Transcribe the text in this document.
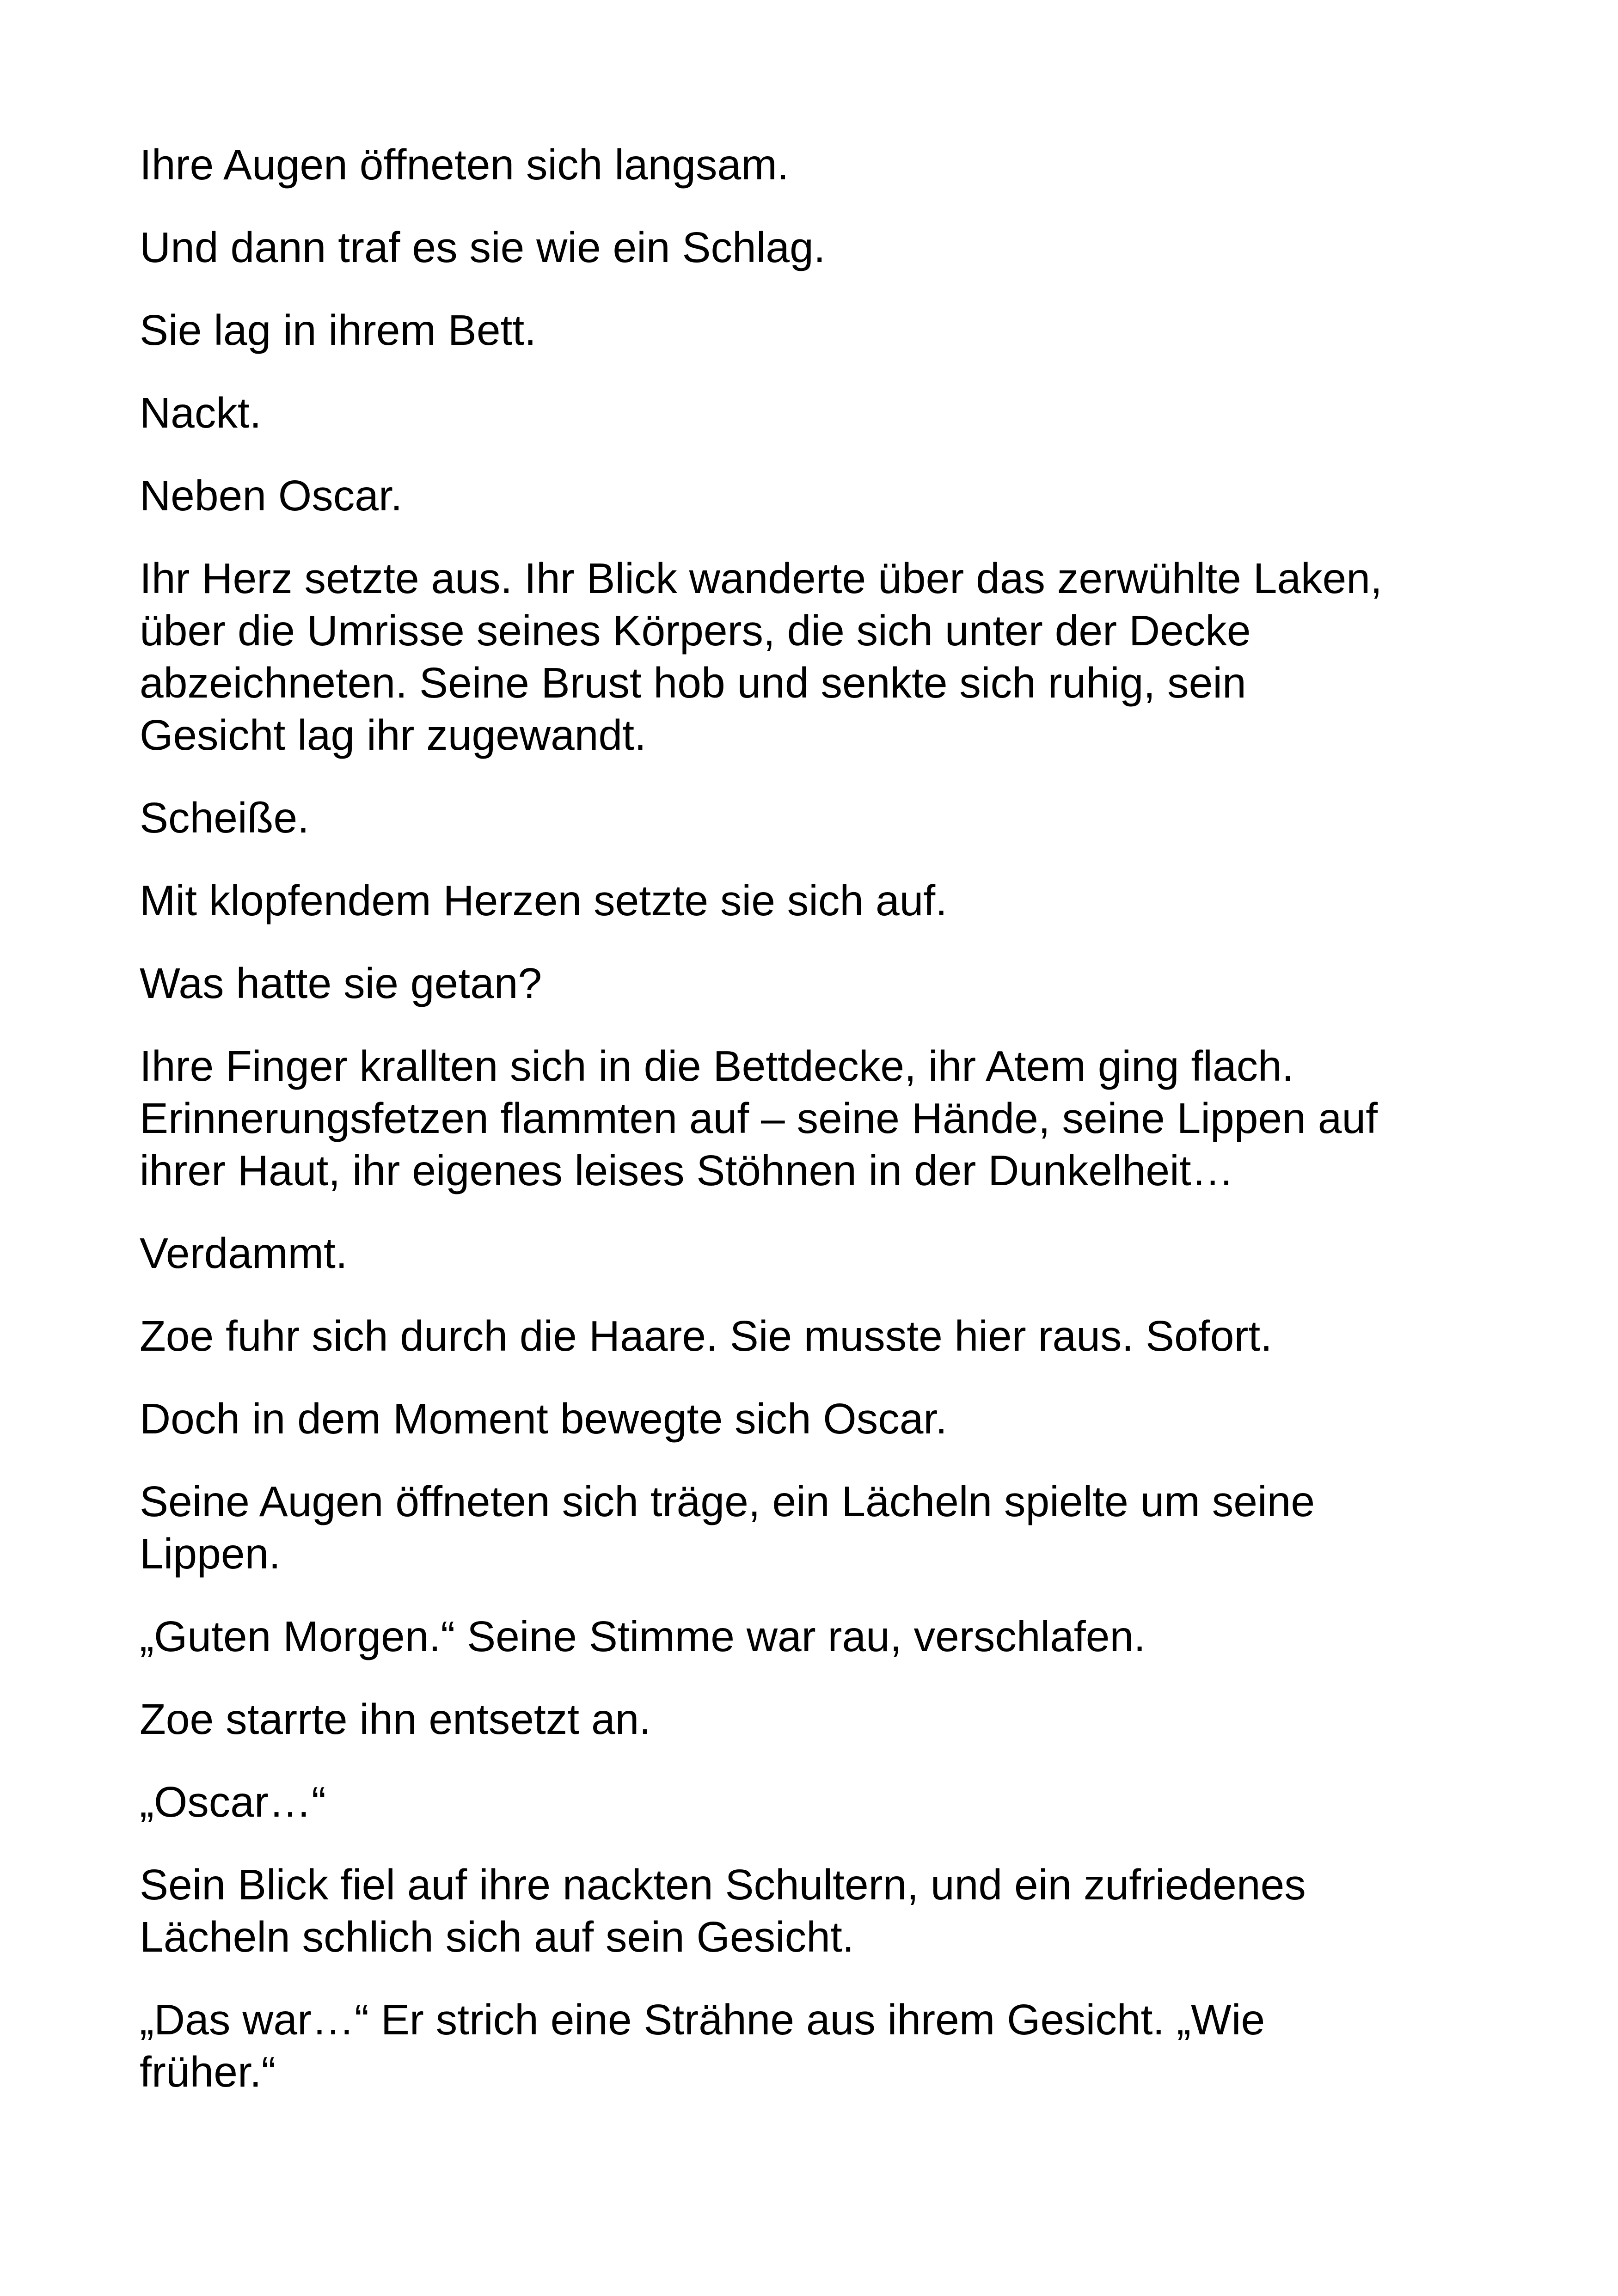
Ihre Augen öffneten sich langsam.

Und dann traf es sie wie ein Schlag.

Sie lag in ihrem Bett.

Nackt.

Neben Oscar.

Ihr Herz setzte aus. Ihr Blick wanderte über das zerwühlte Laken,
über die Umrisse seines Körpers, die sich unter der Decke
abzeichneten. Seine Brust hob und senkte sich ruhig, sein
Gesicht lag ihr zugewandt.

Scheiße.

Mit klopfendem Herzen setzte sie sich auf.

Was hatte sie getan?

Ihre Finger krallten sich in die Bettdecke, ihr Atem ging flach.
Erinnerungsfetzen flammten auf – seine Hände, seine Lippen auf
ihrer Haut, ihr eigenes leises Stöhnen in der Dunkelheit…

Verdammt.

Zoe fuhr sich durch die Haare. Sie musste hier raus. Sofort.

Doch in dem Moment bewegte sich Oscar.

Seine Augen öffneten sich träge, ein Lächeln spielte um seine
Lippen.

„Guten Morgen.“ Seine Stimme war rau, verschlafen.

Zoe starrte ihn entsetzt an.

„Oscar…“

Sein Blick fiel auf ihre nackten Schultern, und ein zufriedenes
Lächeln schlich sich auf sein Gesicht.

„Das war…“ Er strich eine Strähne aus ihrem Gesicht. „Wie
früher.“
